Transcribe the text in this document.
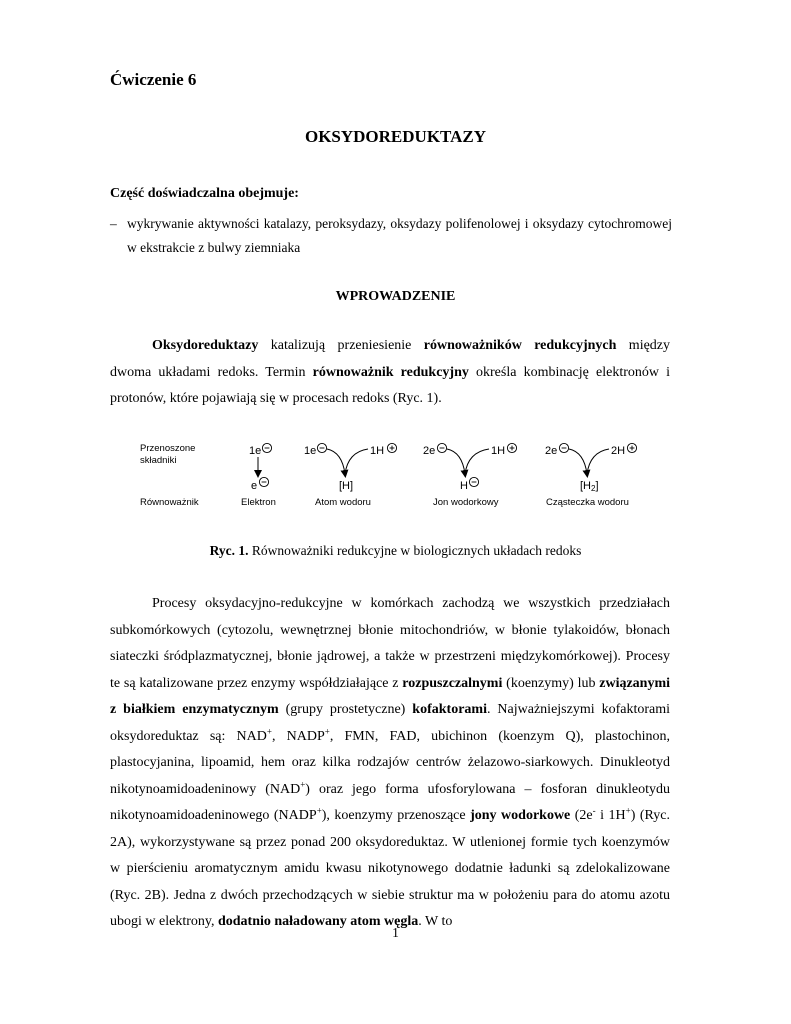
Ćwiczenie 6
OKSYDOREDUKTAZY
Część doświadczalna obejmuje:
– wykrywanie aktywności katalazy, peroksydazy, oksydazy polifenolowej i oksydazy cytochromowej w ekstrakcie z bulwy ziemniaka
WPROWADZENIE
Oksydoreduktazy katalizują przeniesienie równoważników redukcyjnych między dwoma układami redoks. Termin równoważnik redukcyjny określa kombinację elektronów i protonów, które pojawiają się w procesach redoks (Ryc. 1).
Przenoszone
składniki
Równoważnik
1e
e
Elektron
1e	1H
[H]
Atom wodoru
2e	1H
H
Jon wodorkowy
2e	2H
[H2]
Cząsteczka wodoru
Ryc. 1. Równoważniki redukcyjne w biologicznych układach redoks
Procesy oksydacyjno-redukcyjne w komórkach zachodzą we wszystkich przedziałach subkomórkowych (cytozolu, wewnętrznej błonie mitochondriów, w błonie tylakoidów, błonach siateczki śródplazmatycznej, błonie jądrowej, a także w przestrzeni międzykomórkowej). Procesy te są katalizowane przez enzymy współdziałające z rozpuszczalnymi (koenzymy) lub związanymi z białkiem enzymatycznym (grupy prostetyczne) kofaktorami. Najważniejszymi kofaktorami oksydoreduktaz są: NAD+, NADP+, FMN, FAD, ubichinon (koenzym Q), plastochinon, plastocyjanina, lipoamid, hem oraz kilka rodzajów centrów żelazowo-siarkowych. Dinukleotyd nikotynoamidoadeninowy (NAD+) oraz jego forma ufosforylowana – fosforan dinukleotydu nikotynoamidoadeninowego (NADP+), koenzymy przenoszące jony wodorkowe (2e- i 1H+) (Ryc. 2A), wykorzystywane są przez ponad 200 oksydoreduktaz. W utlenionej formie tych koenzymów w pierścieniu aromatycznym amidu kwasu nikotynowego dodatnie ładunki są zdelokalizowane (Ryc. 2B). Jedna z dwóch przechodzących w siebie struktur ma w położeniu para do atomu azotu ubogi w elektrony, dodatnio naładowany atom węgla. W to
1
